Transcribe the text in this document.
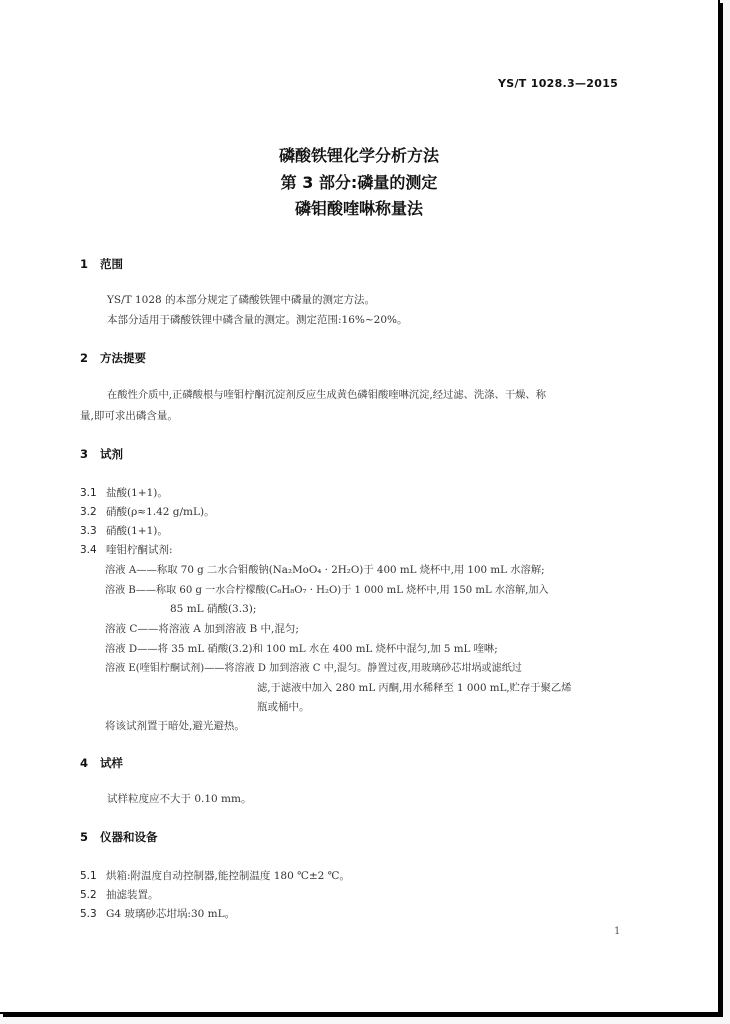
YS/T 1028.3—2015
磷酸铁锂化学分析方法
第 3 部分:磷量的测定
磷钼酸喹啉称量法
1 范围
YS/T 1028 的本部分规定了磷酸铁锂中磷量的测定方法。
本部分适用于磷酸铁锂中磷含量的测定。测定范围:16%~20%。
2 方法提要
在酸性介质中,正磷酸根与喹钼柠酮沉淀剂反应生成黄色磷钼酸喹啉沉淀,经过滤、洗涤、干燥、称
量,即可求出磷含量。
3 试剂
3.1 盐酸(1+1)。
3.2 硝酸(ρ≈1.42 g/mL)。
3.3 硝酸(1+1)。
3.4 喹钼柠酮试剂:
溶液 A——称取 70 g 二水合钼酸钠(Na₂MoO₄ · 2H₂O)于 400 mL 烧杯中,用 100 mL 水溶解;
溶液 B——称取 60 g 一水合柠檬酸(C₆H₈O₇ · H₂O)于 1 000 mL 烧杯中,用 150 mL 水溶解,加入
85 mL 硝酸(3.3);
溶液 C——将溶液 A 加到溶液 B 中,混匀;
溶液 D——将 35 mL 硝酸(3.2)和 100 mL 水在 400 mL 烧杯中混匀,加 5 mL 喹啉;
溶液 E(喹钼柠酮试剂)——将溶液 D 加到溶液 C 中,混匀。静置过夜,用玻璃砂芯坩埚或滤纸过
滤,于滤液中加入 280 mL 丙酮,用水稀释至 1 000 mL,贮存于聚乙烯
瓶或桶中。
将该试剂置于暗处,避光避热。
4 试样
试样粒度应不大于 0.10 mm。
5 仪器和设备
5.1 烘箱:附温度自动控制器,能控制温度 180 ℃±2 ℃。
5.2 抽滤装置。
5.3 G4 玻璃砂芯坩埚:30 mL。
1
